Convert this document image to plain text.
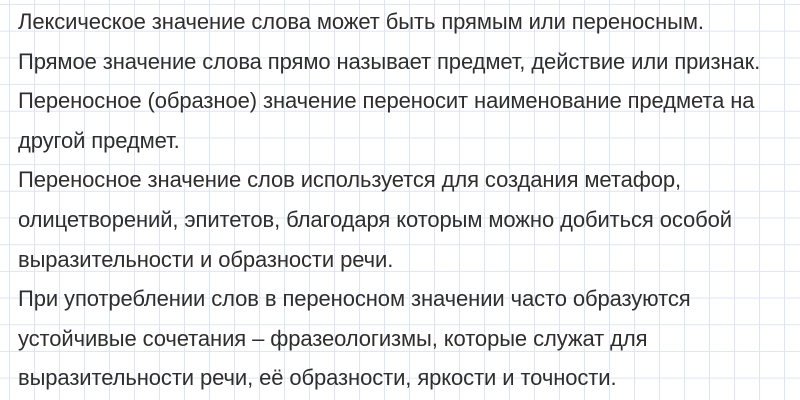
Лексическое значение слова может быть прямым или переносным.
Прямое значение слова прямо называет предмет, действие или признак.
Переносное (образное) значение переносит наименование предмета на
другой предмет.
Переносное значение слов используется для создания метафор,
олицетворений, эпитетов, благодаря которым можно добиться особой
выразительности и образности речи.
При употреблении слов в переносном значении часто образуются
устойчивые сочетания – фразеологизмы, которые служат для
выразительности речи, её образности, яркости и точности.
